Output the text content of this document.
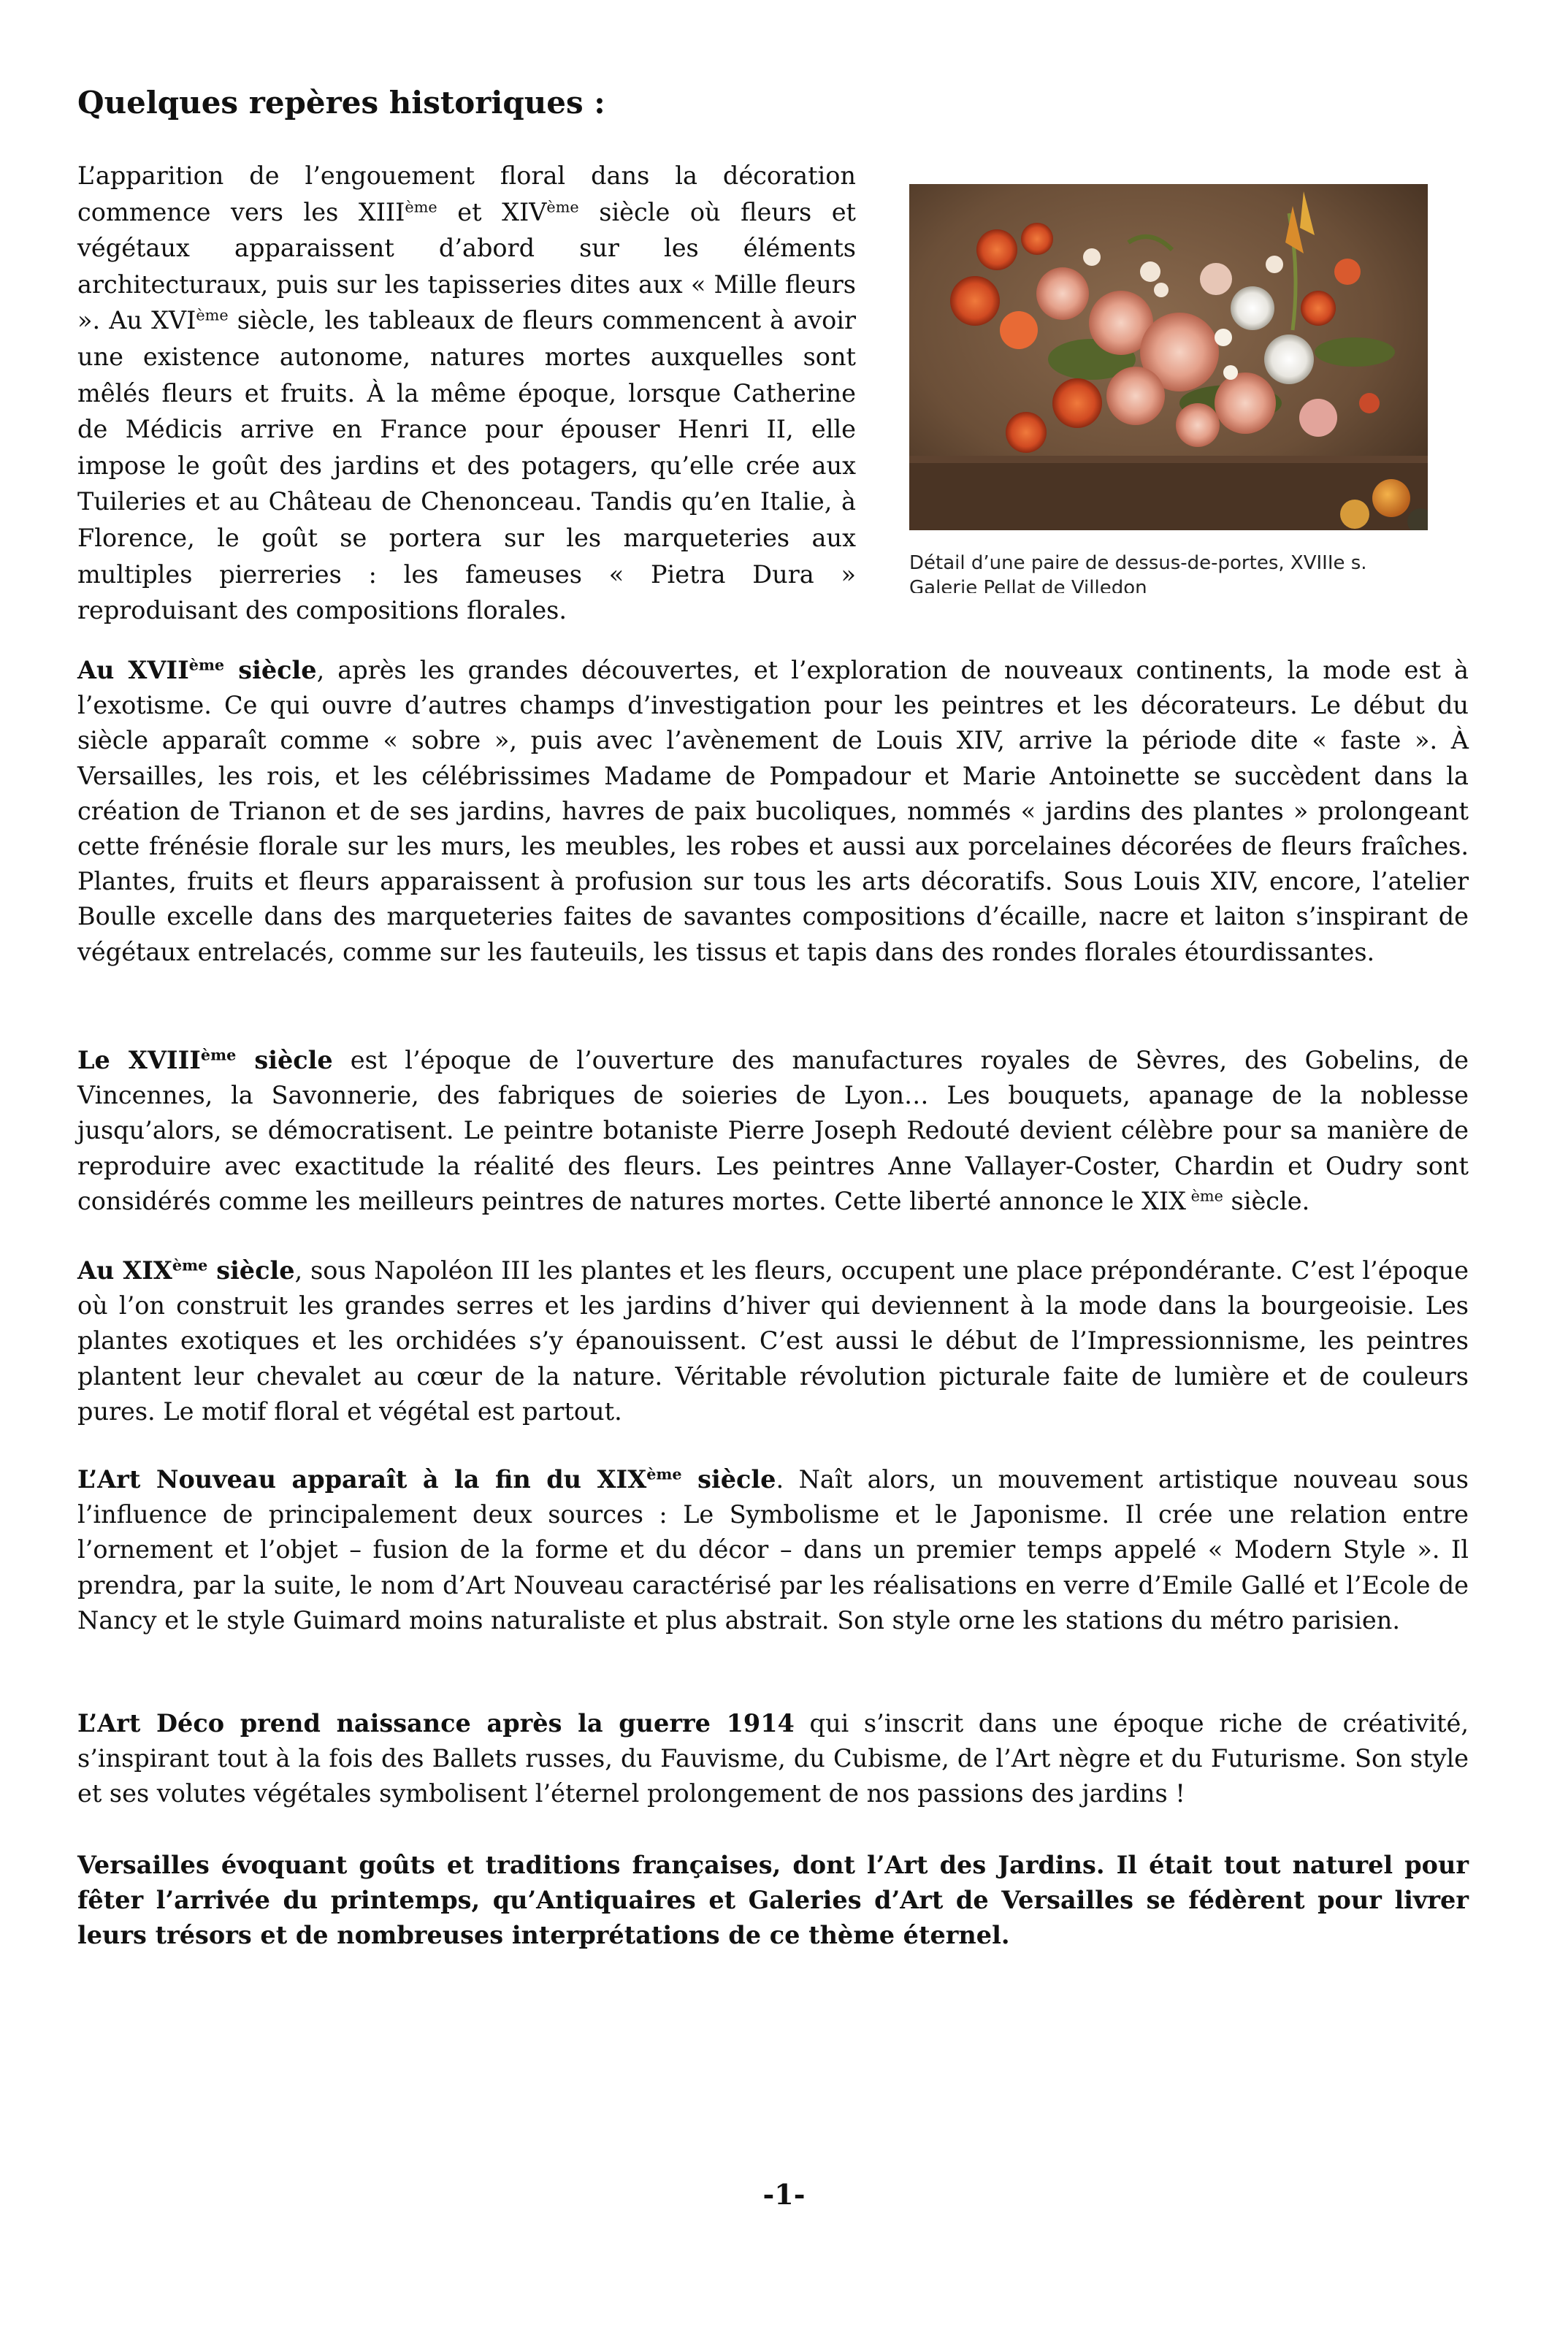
Quelques repères historiques :

L’apparition de l’engouement floral dans la décoration commence vers les XIIIème et XIVème siècle où fleurs et végétaux apparaissent d’abord sur les éléments architecturaux, puis sur les tapisseries dites aux « Mille fleurs ». Au XVIème siècle, les tableaux de fleurs commencent à avoir une existence autonome, natures mortes auxquelles sont mêlés fleurs et fruits. À la même époque, lorsque Catherine de Médicis arrive en France pour épouser Henri II, elle impose le goût des jardins et des potagers, qu’elle crée aux Tuileries et au Château de Chenonceau. Tandis qu’en Italie, à Florence, le goût se portera sur les marqueteries aux multiples pierreries : les fameuses « Pietra Dura » reproduisant des compositions florales.

Détail d’une paire de dessus-de-portes, XVIIIe s.
Galerie Pellat de Villedon

Au XVIIème siècle, après les grandes découvertes, et l’exploration de nouveaux continents, la mode est à l’exotisme. Ce qui ouvre d’autres champs d’investigation pour les peintres et les décorateurs. Le début du siècle apparaît comme « sobre », puis avec l’avènement de Louis XIV, arrive la période dite « faste ». À Versailles, les rois, et les célébrissimes Madame de Pompadour et Marie Antoinette se succèdent dans la création de Trianon et de ses jardins, havres de paix bucoliques, nommés « jardins des plantes » prolongeant cette frénésie florale sur les murs, les meubles, les robes et aussi aux porcelaines décorées de fleurs fraîches. Plantes, fruits et fleurs apparaissent à profusion sur tous les arts décoratifs. Sous Louis XIV, encore, l’atelier Boulle excelle dans des marqueteries faites de savantes compositions d’écaille, nacre et laiton s’inspirant de végétaux entrelacés, comme sur les fauteuils, les tissus et tapis dans des rondes florales étourdissantes.

Le XVIIIème siècle est l’époque de l’ouverture des manufactures royales de Sèvres, des Gobelins, de Vincennes, la Savonnerie, des fabriques de soieries de Lyon… Les bouquets, apanage de la noblesse jusqu’alors, se démocratisent. Le peintre botaniste Pierre Joseph Redouté devient célèbre pour sa manière de reproduire avec exactitude la réalité des fleurs. Les peintres Anne Vallayer-Coster, Chardin et Oudry sont considérés comme les meilleurs peintres de natures mortes. Cette liberté annonce le XIX $^{ème}$ siècle.

Au XIXème siècle, sous Napoléon III les plantes et les fleurs, occupent une place prépondérante. C’est l’époque où l’on construit les grandes serres et les jardins d’hiver qui deviennent à la mode dans la bourgeoisie. Les plantes exotiques et les orchidées s’y épanouissent. C’est aussi le début de l’Impressionnisme, les peintres plantent leur chevalet au cœur de la nature. Véritable révolution picturale faite de lumière et de couleurs pures. Le motif floral et végétal est partout.

L’Art Nouveau apparaît à la fin du XIXème siècle. Naît alors, un mouvement artistique nouveau sous l’influence de principalement deux sources : Le Symbolisme et le Japonisme. Il crée une relation entre l’ornement et l’objet – fusion de la forme et du décor – dans un premier temps appelé « Modern Style ». Il prendra, par la suite, le nom d’Art Nouveau caractérisé par les réalisations en verre d’Emile Gallé et l’Ecole de Nancy et le style Guimard moins naturaliste et plus abstrait. Son style orne les stations du métro parisien.

L’Art Déco prend naissance après la guerre 1914 qui s’inscrit dans une époque riche de créativité, s’inspirant tout à la fois des Ballets russes, du Fauvisme, du Cubisme, de l’Art nègre et du Futurisme. Son style et ses volutes végétales symbolisent l’éternel prolongement de nos passions des jardins !

Versailles évoquant goûts et traditions françaises, dont l’Art des Jardins. Il était tout naturel pour fêter l’arrivée du printemps, qu’Antiquaires et Galeries d’Art de Versailles se fédèrent pour livrer leurs trésors et de nombreuses interprétations de ce thème éternel.

-1-
